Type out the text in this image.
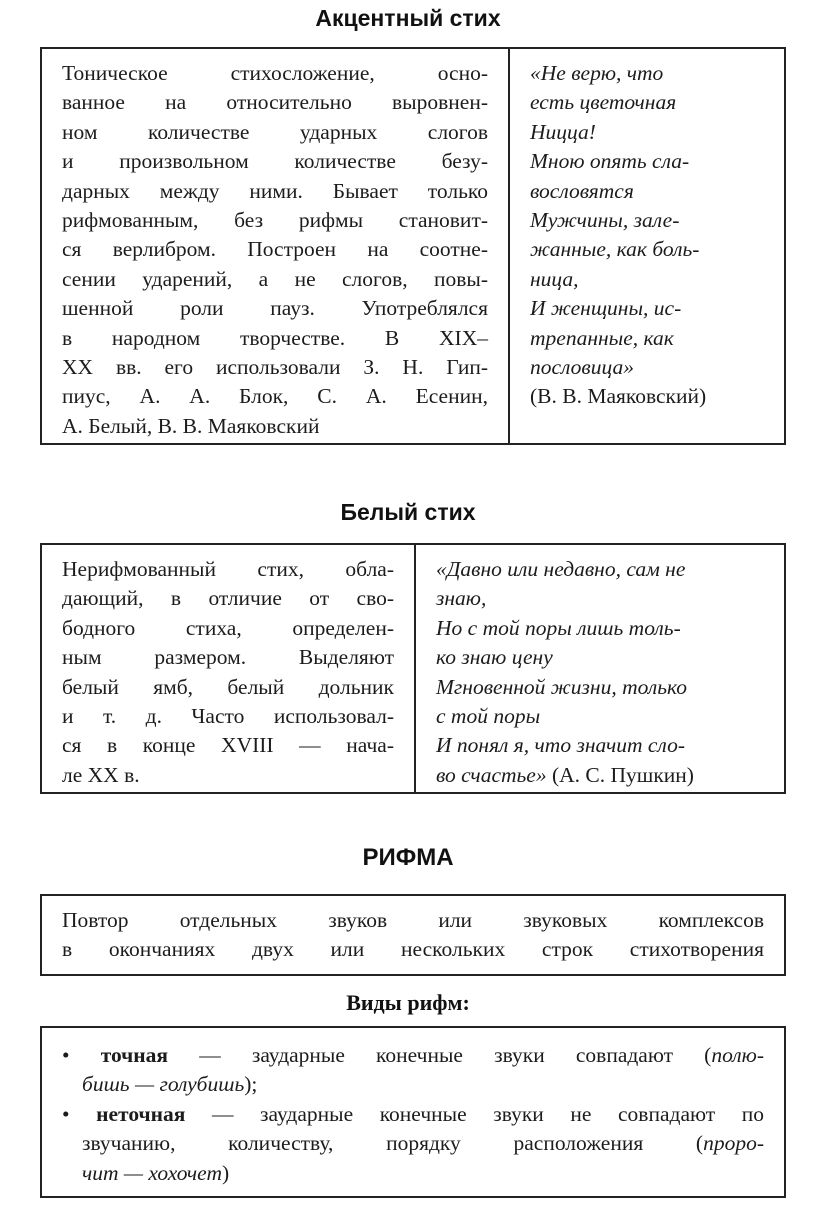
Акцентный стих
Тоническое стихосложение, осно-
ванное на относительно выровнен-
ном количестве ударных слогов
и произвольном количестве безу-
дарных между ними. Бывает только
рифмованным, без рифмы становит-
ся верлибром. Построен на соотне-
сении ударений, а не слогов, повы-
шенной роли пауз. Употреблялся
в народном творчестве. В XIX–
XX вв. его использовали З. Н. Гип-
пиус, А. А. Блок, С. А. Есенин,
А. Белый, В. В. Маяковский
«Не верю, что
есть цветочная
Ницца!
Мною опять сла-
вословятся
Мужчины, зале-
жанные, как боль-
ница,
И женщины, ис-
трепанные, как
пословица»
(В. В. Маяковский)
Белый стих
Нерифмованный стих, обла-
дающий, в отличие от сво-
бодного стиха, определен-
ным размером. Выделяют
белый ямб, белый дольник
и т. д. Часто использовал-
ся в конце XVIII — нача-
ле XX в.
«Давно или недавно, сам не
знаю,
Но с той поры лишь толь-
ко знаю цену
Мгновенной жизни, только
с той поры
И понял я, что значит сло-
во счастье» (А. С. Пушкин)
РИФМА
Повтор отдельных звуков или звуковых комплексов
в окончаниях двух или нескольких строк стихотворения
Виды рифм:
• точная — заударные конечные звуки совпадают (полю-
бишь — голубишь);
• неточная — заударные конечные звуки не совпадают по
звучанию, количеству, порядку расположения (проро-
чит — хохочет)
